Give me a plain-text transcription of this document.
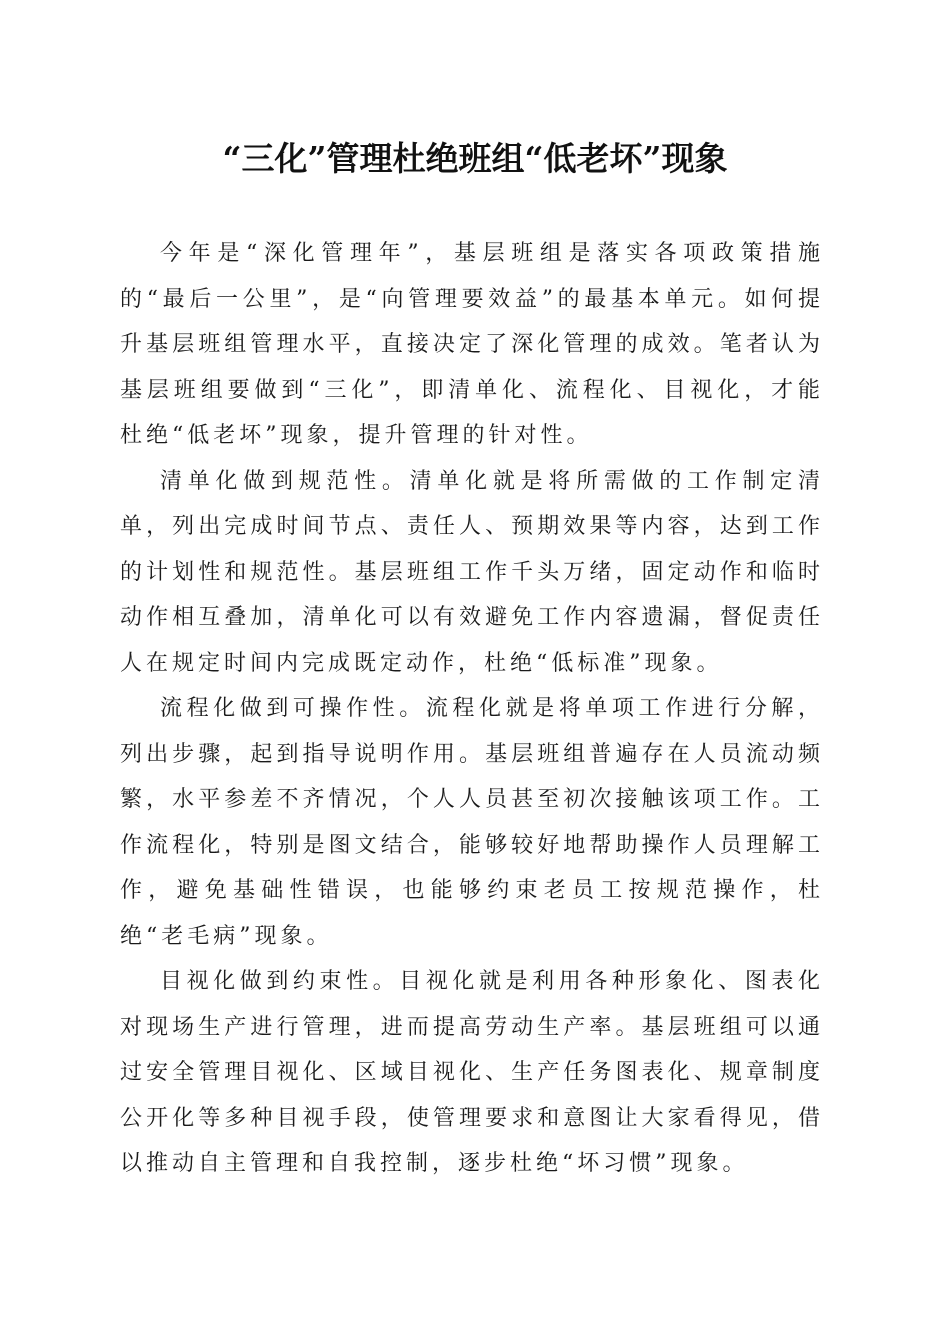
“三化”管理杜绝班组“低老坏”现象

今年是“深化管理年”，基层班组是落实各项政策措施的“最后一公里”，是“向管理要效益”的最基本单元。如何提升基层班组管理水平，直接决定了深化管理的成效。笔者认为基层班组要做到“三化”，即清单化、流程化、目视化，才能杜绝“低老坏”现象，提升管理的针对性。

清单化做到规范性。清单化就是将所需做的工作制定清单，列出完成时间节点、责任人、预期效果等内容，达到工作的计划性和规范性。基层班组工作千头万绪，固定动作和临时动作相互叠加，清单化可以有效避免工作内容遗漏，督促责任人在规定时间内完成既定动作，杜绝“低标准”现象。

流程化做到可操作性。流程化就是将单项工作进行分解，列出步骤，起到指导说明作用。基层班组普遍存在人员流动频繁，水平参差不齐情况，个人人员甚至初次接触该项工作。工作流程化，特别是图文结合，能够较好地帮助操作人员理解工作，避免基础性错误，也能够约束老员工按规范操作，杜绝“老毛病”现象。

目视化做到约束性。目视化就是利用各种形象化、图表化对现场生产进行管理，进而提高劳动生产率。基层班组可以通过安全管理目视化、区域目视化、生产任务图表化、规章制度公开化等多种目视手段，使管理要求和意图让大家看得见，借以推动自主管理和自我控制，逐步杜绝“坏习惯”现象。
